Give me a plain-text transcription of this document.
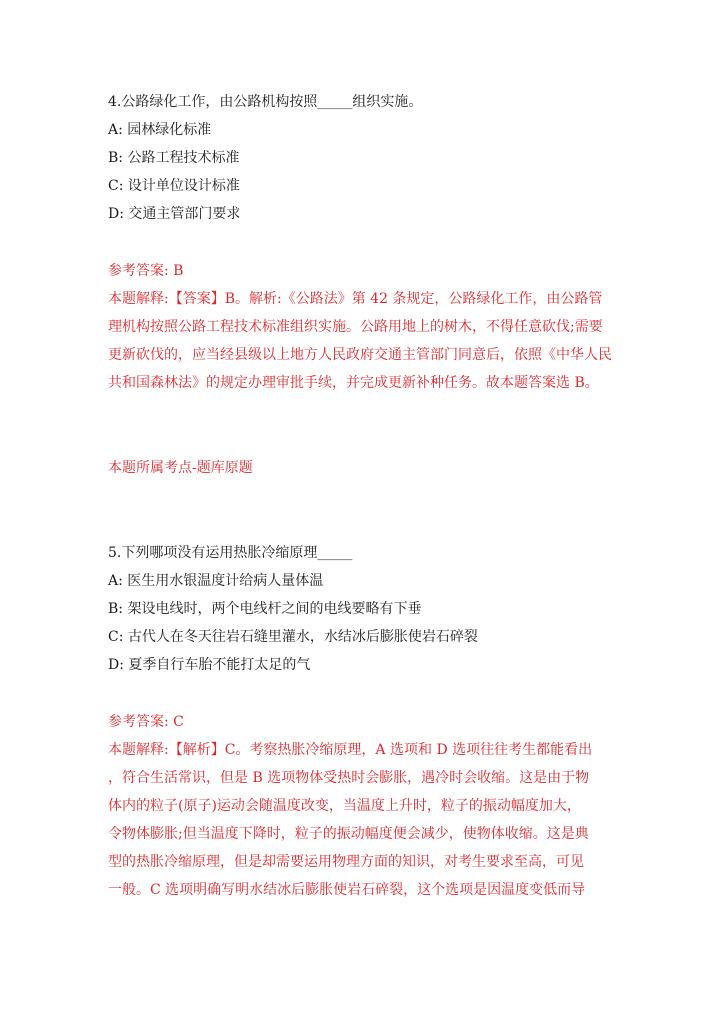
4.公路绿化工作，由公路机构按照_____组织实施。
A: 园林绿化标准
B: 公路工程技术标准
C: 设计单位设计标准
D: 交通主管部门要求
参考答案: B
本题解释:【答案】B。解析:《公路法》第 42 条规定，公路绿化工作，由公路管理机构按照公路工程技术标准组织实施。公路用地上的树木，不得任意砍伐;需要更新砍伐的，应当经县级以上地方人民政府交通主管部门同意后，依照《中华人民共和国森林法》的规定办理审批手续，并完成更新补种任务。故本题答案选 B。
本题所属考点-题库原题
5.下列哪项没有运用热胀冷缩原理_____
A: 医生用水银温度计给病人量体温
B: 架设电线时，两个电线杆之间的电线要略有下垂
C: 古代人在冬天往岩石缝里灌水，水结冰后膨胀使岩石碎裂
D: 夏季自行车胎不能打太足的气
参考答案: C
本题解释:【解析】C。考察热胀冷缩原理，A 选项和 D 选项往往考生都能看出
，符合生活常识，但是 B 选项物体受热时会膨胀，遇冷时会收缩。这是由于物
体内的粒子(原子)运动会随温度改变，当温度上升时，粒子的振动幅度加大，
令物体膨胀;但当温度下降时，粒子的振动幅度便会减少，使物体收缩。这是典
型的热胀冷缩原理，但是却需要运用物理方面的知识，对考生要求至高，可见
一般。C 选项明确写明水结冰后膨胀使岩石碎裂，这个选项是因温度变低而导
